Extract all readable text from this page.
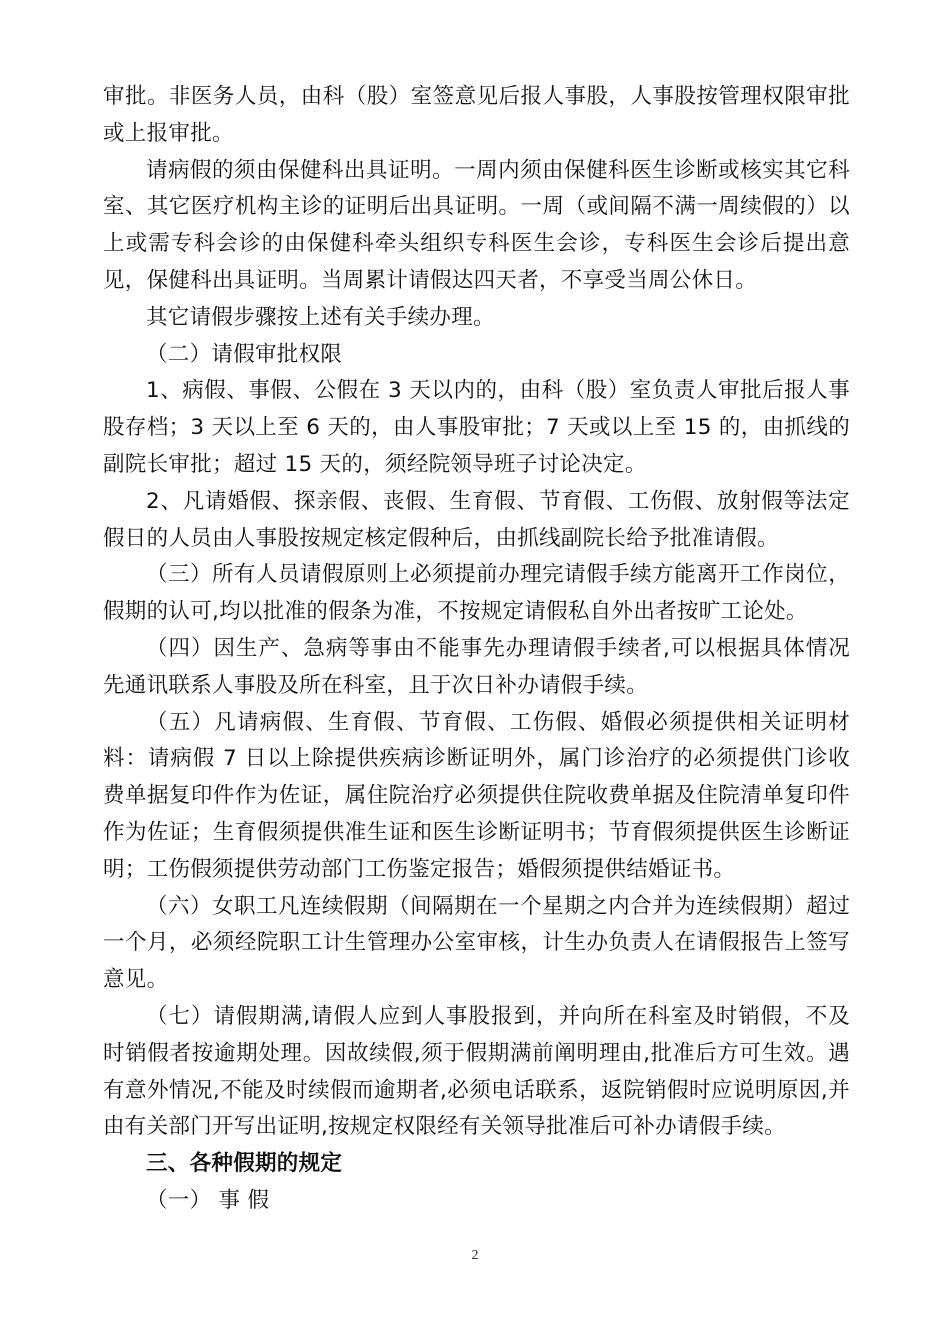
审批。非医务人员，由科（股）室签意见后报人事股，人事股按管理权限审批或上报审批。

请病假的须由保健科出具证明。一周内须由保健科医生诊断或核实其它科室、其它医疗机构主诊的证明后出具证明。一周（或间隔不满一周续假的）以上或需专科会诊的由保健科牵头组织专科医生会诊，专科医生会诊后提出意见，保健科出具证明。当周累计请假达四天者，不享受当周公休日。

其它请假步骤按上述有关手续办理。

（二）请假审批权限

1、病假、事假、公假在 3 天以内的，由科（股）室负责人审批后报人事股存档；3 天以上至 6 天的，由人事股审批；7 天或以上至 15 的，由抓线的副院长审批；超过 15 天的，须经院领导班子讨论决定。

2、凡请婚假、探亲假、丧假、生育假、节育假、工伤假、放射假等法定假日的人员由人事股按规定核定假种后，由抓线副院长给予批准请假。

（三）所有人员请假原则上必须提前办理完请假手续方能离开工作岗位，假期的认可,均以批准的假条为准，不按规定请假私自外出者按旷工论处。

（四）因生产、急病等事由不能事先办理请假手续者,可以根据具体情况先通讯联系人事股及所在科室，且于次日补办请假手续。

（五）凡请病假、生育假、节育假、工伤假、婚假必须提供相关证明材料：请病假 7 日以上除提供疾病诊断证明外，属门诊治疗的必须提供门诊收费单据复印件作为佐证，属住院治疗必须提供住院收费单据及住院清单复印件作为佐证；生育假须提供准生证和医生诊断证明书；节育假须提供医生诊断证明；工伤假须提供劳动部门工伤鉴定报告；婚假须提供结婚证书。

（六）女职工凡连续假期（间隔期在一个星期之内合并为连续假期）超过一个月，必须经院职工计生管理办公室审核，计生办负责人在请假报告上签写意见。

（七）请假期满,请假人应到人事股报到，并向所在科室及时销假，不及时销假者按逾期处理。因故续假,须于假期满前阐明理由,批准后方可生效。遇有意外情况,不能及时续假而逾期者,必须电话联系，返院销假时应说明原因,并由有关部门开写出证明,按规定权限经有关领导批准后可补办请假手续。

三、各种假期的规定

（一） 事 假

2
